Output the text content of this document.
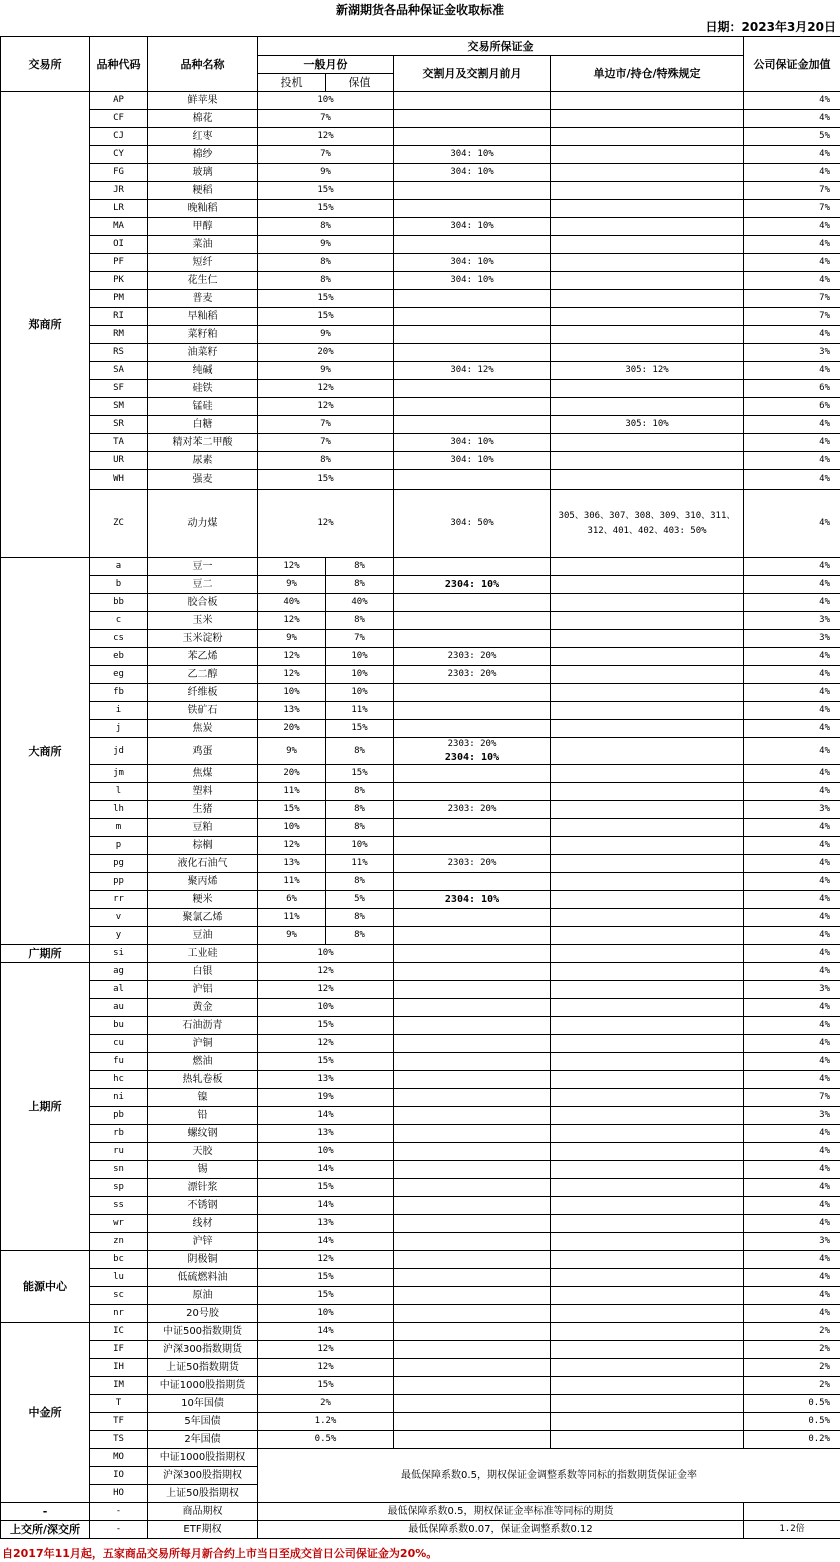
新湖期货各品种保证金收取标准
日期：2023年3月20日
交易所	品种代码	品种名称	交易所保证金				公司保证金加值
			一般月份		交割月及交割月前月	单边市/持仓/特殊规定	
			投机	保值			
郑商所	AP	鲜苹果	10%				4%
	CF	棉花	7%				4%
	CJ	红枣	12%				5%
	CY	棉纱	7%		304: 10%		4%
	FG	玻璃	9%		304: 10%		4%
	JR	粳稻	15%				7%
	LR	晚籼稻	15%				7%
	MA	甲醇	8%		304: 10%		4%
	OI	菜油	9%				4%
	PF	短纤	8%		304: 10%		4%
	PK	花生仁	8%		304: 10%		4%
	PM	普麦	15%				7%
	RI	早籼稻	15%				7%
	RM	菜籽粕	9%				4%
	RS	油菜籽	20%				3%
	SA	纯碱	9%		304: 12%	305: 12%	4%
	SF	硅铁	12%				6%
	SM	锰硅	12%				6%
	SR	白糖	7%			305: 10%	4%
	TA	精对苯二甲酸	7%		304: 10%		4%
	UR	尿素	8%		304: 10%		4%
	WH	强麦	15%				4%
	ZC	动力煤	12%		304: 50%	305、306、307、308、309、310、311、312、401、402、403: 50%	4%
大商所	a	豆一	12%	8%			4%
	b	豆二	9%	8%	2304: 10%		4%
	bb	胶合板	40%	40%			4%
	c	玉米	12%	8%			3%
	cs	玉米淀粉	9%	7%			3%
	eb	苯乙烯	12%	10%	2303: 20%		4%
	eg	乙二醇	12%	10%	2303: 20%		4%
	fb	纤维板	10%	10%			4%
	i	铁矿石	13%	11%			4%
	j	焦炭	20%	15%			4%
	jd	鸡蛋	9%	8%	2303: 20%
2304: 10%		4%
	jm	焦煤	20%	15%			4%
	l	塑料	11%	8%			4%
	lh	生猪	15%	8%	2303: 20%		3%
	m	豆粕	10%	8%			4%
	p	棕榈	12%	10%			4%
	pg	液化石油气	13%	11%	2303: 20%		4%
	pp	聚丙烯	11%	8%			4%
	rr	粳米	6%	5%	2304: 10%		4%
	v	聚氯乙烯	11%	8%			4%
	y	豆油	9%	8%			4%
广期所	si	工业硅	10%				4%
上期所	ag	白银	12%				4%
	al	沪铝	12%				3%
	au	黄金	10%				4%
	bu	石油沥青	15%				4%
	cu	沪铜	12%				4%
	fu	燃油	15%				4%
	hc	热轧卷板	13%				4%
	ni	镍	19%				7%
	pb	铅	14%				3%
	rb	螺纹钢	13%				4%
	ru	天胶	10%				4%
	sn	锡	14%				4%
	sp	漂针浆	15%				4%
	ss	不锈钢	14%				4%
	wr	线材	13%				4%
	zn	沪锌	14%				3%
能源中心	bc	阴极铜	12%				4%
	lu	低硫燃料油	15%				4%
	sc	原油	15%				4%
	nr	20号胶	10%				4%
中金所	IC	中证500指数期货	14%				2%
	IF	沪深300指数期货	12%				2%
	IH	上证50指数期货	12%				2%
	IM	中证1000股指期货	15%				2%
	T	10年国债	2%				0.5%
	TF	5年国债	1.2%				0.5%
	TS	2年国债	0.5%				0.2%
	MO	中证1000股指期权	最低保障系数0.5，期权保证金调整系数等同标的指数期货保证金率				
	IO	沪深300股指期权					
	HO	上证50股指期权					
-	-	商品期权	最低保障系数0.5，期权保证金率标准等同标的期货				
上交所/深交所	-	ETF期权	最低保障系数0.07，保证金调整系数0.12				1.2倍
自2017年11月起，五家商品交易所每月新合约上市当日至成交首日公司保证金为20%。
